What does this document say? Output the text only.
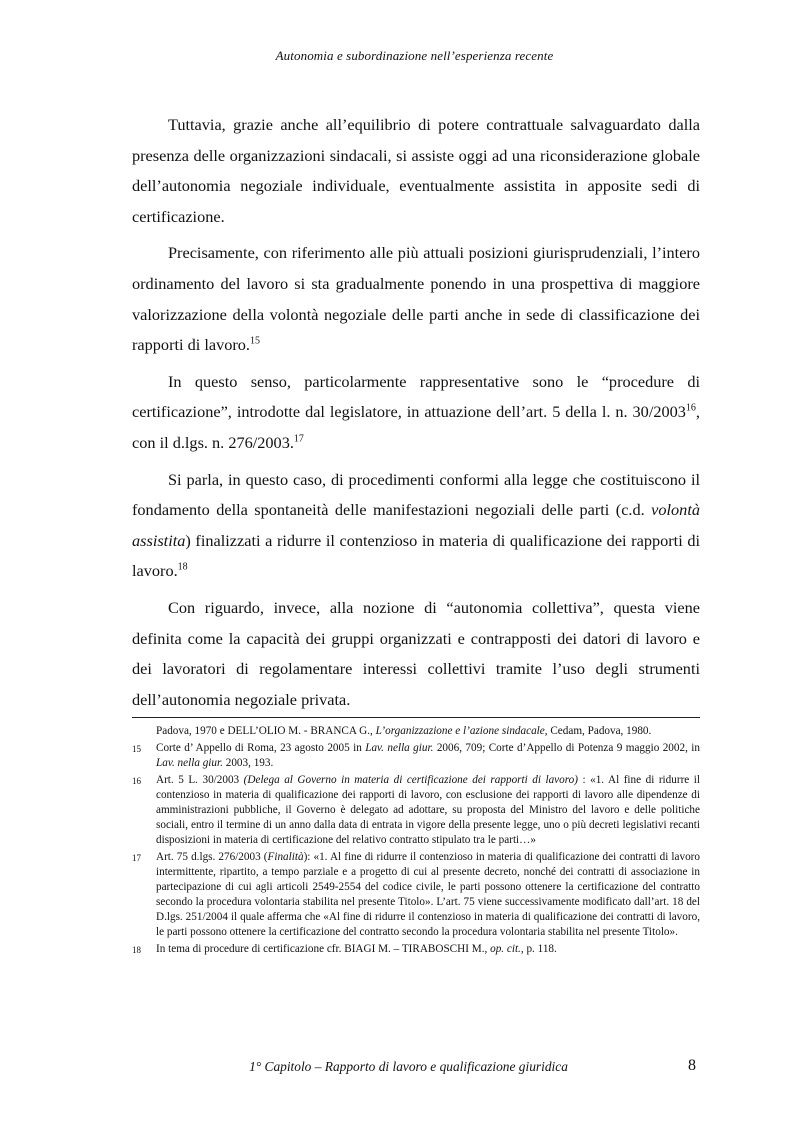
Autonomia e subordinazione nell’esperienza recente

Tuttavia, grazie anche all’equilibrio di potere contrattuale salvaguardato dalla presenza delle organizzazioni sindacali, si assiste oggi ad una riconsiderazione globale dell’autonomia negoziale individuale, eventualmente assistita in apposite sedi di certificazione.

Precisamente, con riferimento alle più attuali posizioni giurisprudenziali, l’intero ordinamento del lavoro si sta gradualmente ponendo in una prospettiva di maggiore valorizzazione della volontà negoziale delle parti anche in sede di classificazione dei rapporti di lavoro.$^{15}$

In questo senso, particolarmente rappresentative sono le “procedure di certificazione”, introdotte dal legislatore, in attuazione dell’art. 5 della l. n. 30/2003$^{16}$, con il d.lgs. n. 276/2003.17

Si parla, in questo caso, di procedimenti conformi alla legge che costituiscono il fondamento della spontaneità delle manifestazioni negoziali delle parti (c.d. volontà assistita) finalizzati a ridurre il contenzioso in materia di qualificazione dei rapporti di lavoro.$^{18}$

Con riguardo, invece, alla nozione di “autonomia collettiva”, questa viene definita come la capacità dei gruppi organizzati e contrapposti dei datori di lavoro e dei lavoratori di regolamentare interessi collettivi tramite l’uso degli strumenti dell’autonomia negoziale privata.

Padova, 1970 e DELL’OLIO M. - BRANCA G., L’organizzazione e l’azione sindacale, Cedam, Padova, 1980.
15	Corte d’ Appello di Roma, 23 agosto 2005 in Lav. nella giur. 2006, 709; Corte d’Appello di Potenza 9 maggio 2002, in Lav. nella giur. 2003, 193.
16	Art. 5 L. 30/2003 (Delega al Governo in materia di certificazione dei rapporti di lavoro) : «1. Al fine di ridurre il contenzioso in materia di qualificazione dei rapporti di lavoro, con esclusione dei rapporti di lavoro alle dipendenze di amministrazioni pubbliche, il Governo è delegato ad adottare, su proposta del Ministro del lavoro e delle politiche sociali, entro il termine di un anno dalla data di entrata in vigore della presente legge, uno o più decreti legislativi recanti disposizioni in materia di certificazione del relativo contratto stipulato tra le parti…»
17	Art. 75 d.lgs. 276/2003 (Finalità): «1. Al fine di ridurre il contenzioso in materia di qualificazione dei contratti di lavoro intermittente, ripartito, a tempo parziale e a progetto di cui al presente decreto, nonché dei contratti di associazione in partecipazione di cui agli articoli 2549-2554 del codice civile, le parti possono ottenere la certificazione del contratto secondo la procedura volontaria stabilita nel presente Titolo». L’art. 75 viene successivamente modificato dall’art. 18 del D.lgs. 251/2004 il quale afferma che «Al fine di ridurre il contenzioso in materia di qualificazione dei contratti di lavoro, le parti possono ottenere la certificazione del contratto secondo la procedura volontaria stabilita nel presente Titolo».
18	In tema di procedure di certificazione cfr. BIAGI M. – TIRABOSCHI M., op. cit., p. 118.
1° Capitolo – Rapporto di lavoro e qualificazione giuridica	8
